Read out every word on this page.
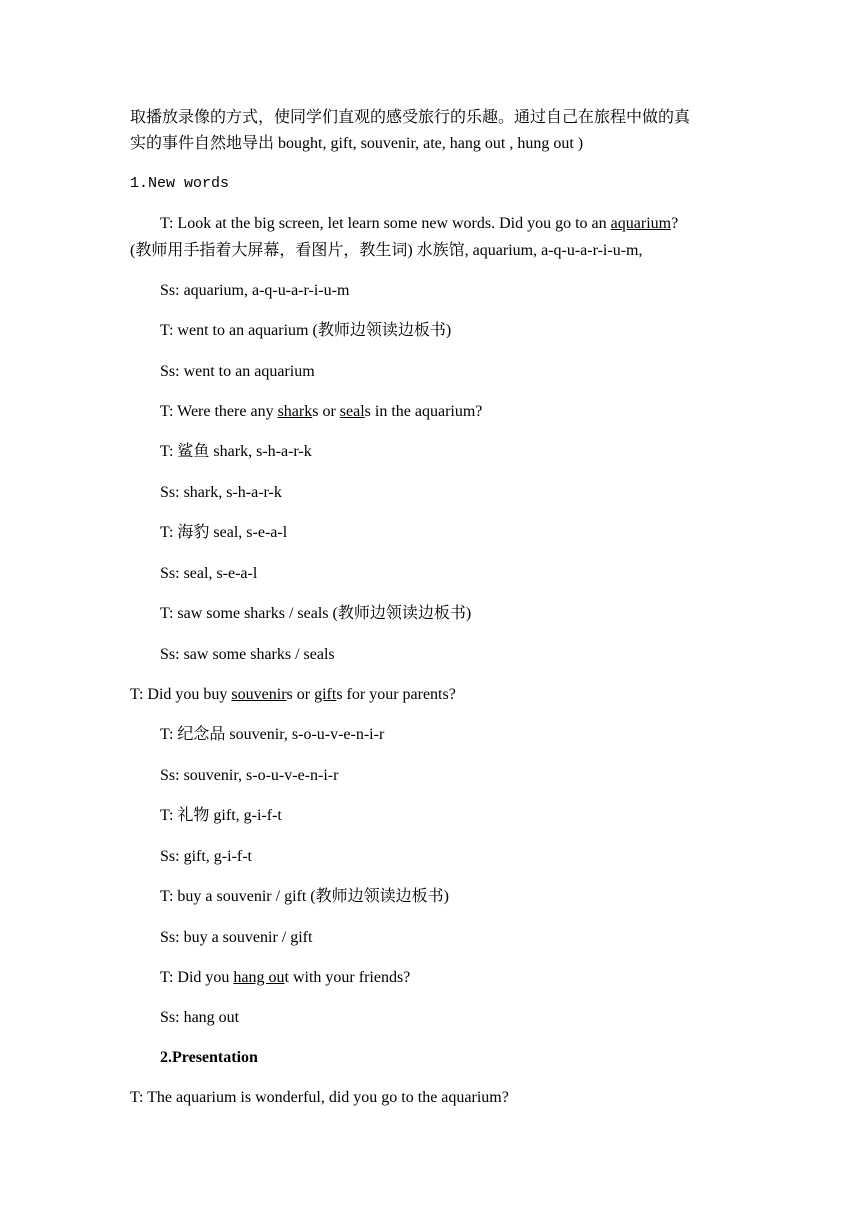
取播放录像的方式，使同学们直观的感受旅行的乐趣。通过自己在旅程中做的真
实的事件自然地导出 bought, gift, souvenir, ate, hang out , hung out )
1.New words
T: Look at the big screen, let learn some new words. Did you go to an aquarium?
(教师用手指着大屏幕，看图片，教生词) 水族馆, aquarium, a-q-u-a-r-i-u-m,
Ss: aquarium, a-q-u-a-r-i-u-m
T: went to an aquarium (教师边领读边板书)
Ss: went to an aquarium
T: Were there any sharks or seals in the aquarium?
T: 鲨鱼 shark, s-h-a-r-k
Ss: shark, s-h-a-r-k
T: 海豹 seal, s-e-a-l
Ss: seal, s-e-a-l
T: saw some sharks / seals (教师边领读边板书)
Ss: saw some sharks / seals
T: Did you buy souvenirs or gifts for your parents?
T: 纪念品 souvenir, s-o-u-v-e-n-i-r
Ss: souvenir, s-o-u-v-e-n-i-r
T: 礼物 gift, g-i-f-t
Ss: gift, g-i-f-t
T: buy a souvenir / gift (教师边领读边板书)
Ss: buy a souvenir / gift
T: Did you hang out with your friends?
Ss: hang out
2.Presentation
T: The aquarium is wonderful, did you go to the aquarium?
